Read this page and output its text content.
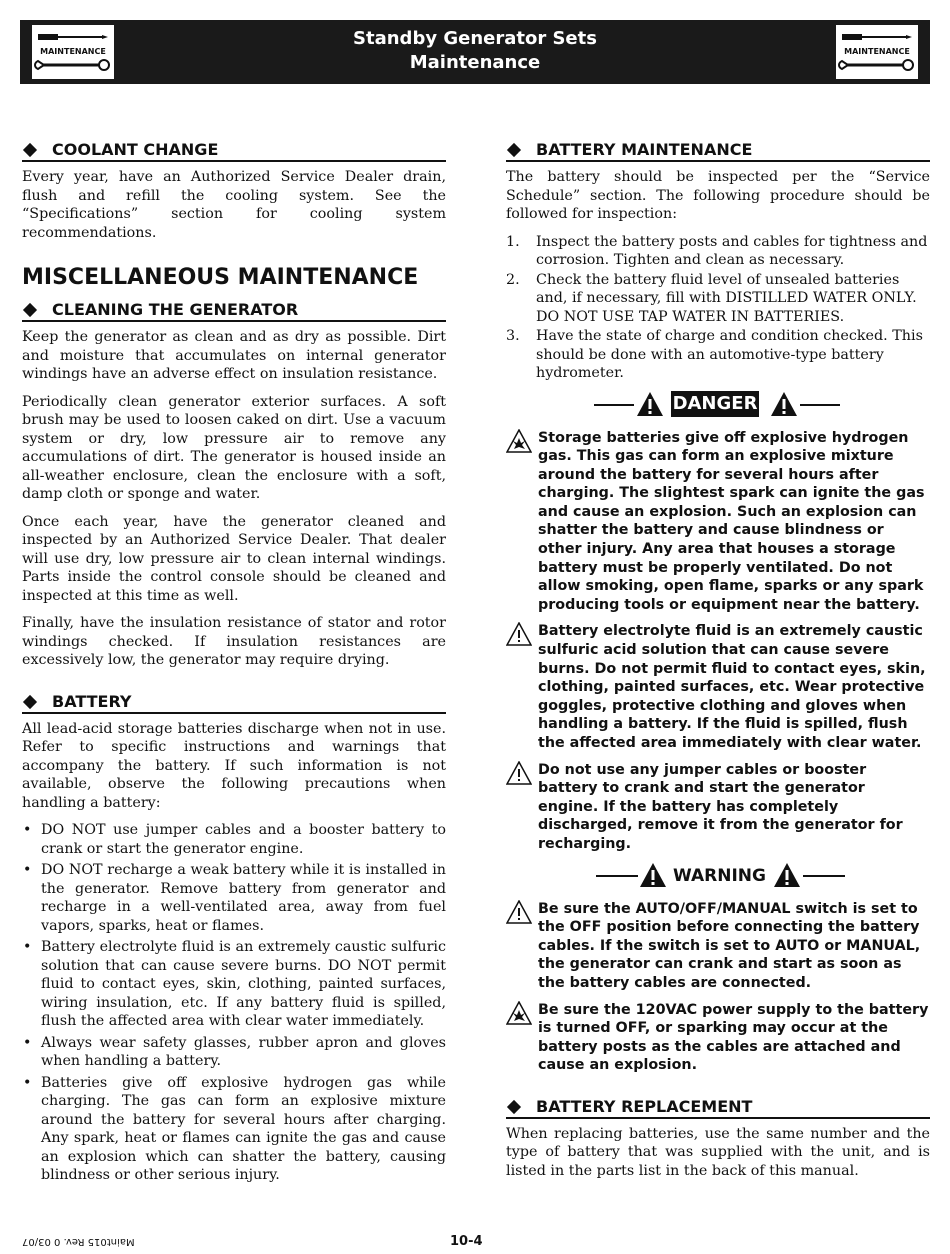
MAINTENANCE
Standby Generator Sets
Maintenance
MAINTENANCE
COOLANT CHANGE

Every year, have an Authorized Service Dealer drain, flush and refill the cooling system. See the “Specifications” section for cooling system recommendations.

MISCELLANEOUS MAINTENANCE
CLEANING THE GENERATOR

Keep the generator as clean and as dry as possible. Dirt and moisture that accumulates on internal generator windings have an adverse effect on insulation resistance.

Periodically clean generator exterior surfaces. A soft brush may be used to loosen caked on dirt. Use a vacuum system or dry, low pressure air to remove any accumulations of dirt. The generator is housed inside an all-weather enclosure, clean the enclosure with a soft, damp cloth or sponge and water.

Once each year, have the generator cleaned and inspected by an Authorized Service Dealer. That dealer will use dry, low pressure air to clean internal windings. Parts inside the control console should be cleaned and inspected at this time as well.

Finally, have the insulation resistance of stator and rotor windings checked. If insulation resistances are excessively low, the generator may require drying.

BATTERY

All lead-acid storage batteries discharge when not in use. Refer to specific instructions and warnings that accompany the battery. If such information is not available, observe the following precautions when handling a battery:

• DO NOT use jumper cables and a booster battery to crank or start the generator engine.
• DO NOT recharge a weak battery while it is installed in the generator. Remove battery from generator and recharge in a well-ventilated area, away from fuel vapors, sparks, heat or flames.
• Battery electrolyte fluid is an extremely caustic sulfuric solution that can cause severe burns. DO NOT permit fluid to contact eyes, skin, clothing, painted surfaces, wiring insulation, etc. If any battery fluid is spilled, flush the affected area with clear water immediately.
• Always wear safety glasses, rubber apron and gloves when handling a battery.
• Batteries give off explosive hydrogen gas while charging. The gas can form an explosive mixture around the battery for several hours after charging. Any spark, heat or flames can ignite the gas and cause an explosion which can shatter the battery, causing blindness or other serious injury.
BATTERY MAINTENANCE

The battery should be inspected per the “Service Schedule” section. The following procedure should be followed for inspection:

1. Inspect the battery posts and cables for tightness and corrosion. Tighten and clean as necessary.
2. Check the battery fluid level of unsealed batteries and, if necessary, fill with DISTILLED WATER ONLY. DO NOT USE TAP WATER IN BATTERIES.
3. Have the state of charge and condition checked. This should be done with an automotive-type battery hydrometer.
DANGER
Storage batteries give off explosive hydrogen gas. This gas can form an explosive mixture around the battery for several hours after charging. The slightest spark can ignite the gas and cause an explosion. Such an explosion can shatter the battery and cause blindness or other injury. Any area that houses a storage battery must be properly ventilated. Do not allow smoking, open flame, sparks or any spark producing tools or equipment near the battery.
Battery electrolyte fluid is an extremely caustic sulfuric acid solution that can cause severe burns. Do not permit fluid to contact eyes, skin, clothing, painted surfaces, etc. Wear protective goggles, protective clothing and gloves when handling a battery. If the fluid is spilled, flush the affected area immediately with clear water.
Do not use any jumper cables or booster battery to crank and start the generator engine. If the battery has completely discharged, remove it from the generator for recharging.
WARNING
Be sure the AUTO/OFF/MANUAL switch is set to the OFF position before connecting the battery cables. If the switch is set to AUTO or MANUAL, the generator can crank and start as soon as the battery cables are connected.
Be sure the 120VAC power supply to the battery is turned OFF, or sparking may occur at the battery posts as the cables are attached and cause an explosion.
BATTERY REPLACEMENT

When replacing batteries, use the same number and the type of battery that was supplied with the unit, and is listed in the parts list in the back of this manual.

Maint015 Rev. 0 03/07	10-4
